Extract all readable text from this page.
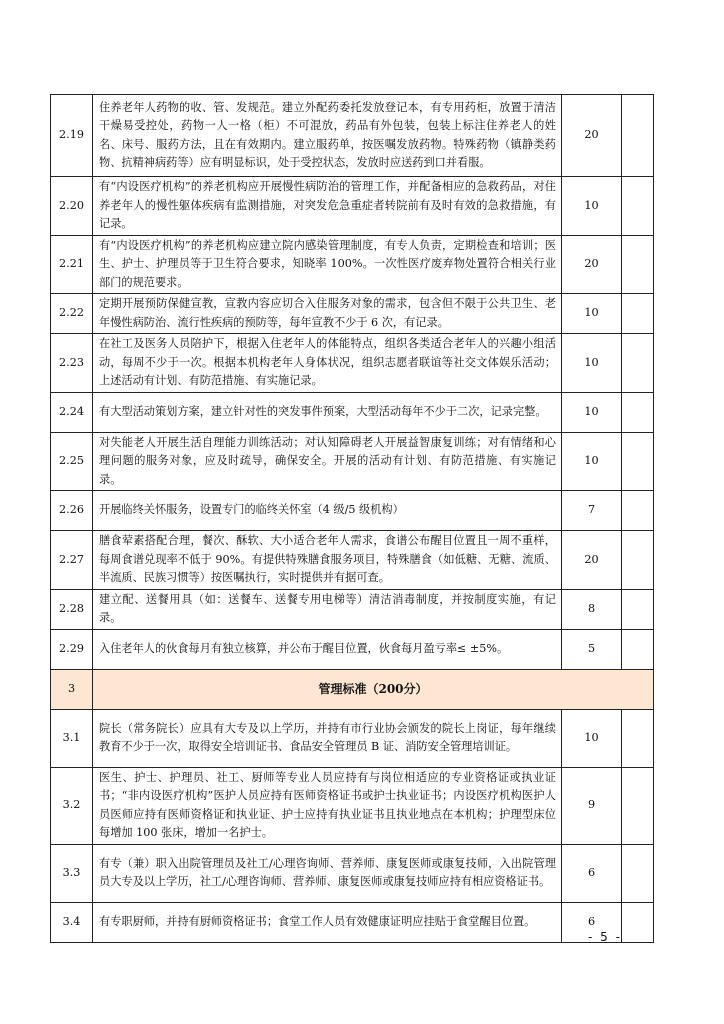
2.19	住养老年人药物的收、管、发规范。建立外配药委托发放登记本，有专用药柜，放置于清洁干燥易受控处，药物一人一格（柜）不可混放，药品有外包装，包装上标注住养老人的姓名、床号、服药方法，且在有效期内。建立服药单，按医嘱发放药物。特殊药物（镇静类药物、抗精神病药等）应有明显标识，处于受控状态，发放时应送药到口并看服。	20	
2.20	有“内设医疗机构”的养老机构应开展慢性病防治的管理工作，并配备相应的急救药品，对住养老年人的慢性躯体疾病有监测措施，对突发危急重症者转院前有及时有效的急救措施，有记录。	10	
2.21	有“内设医疗机构”的养老机构应建立院内感染管理制度，有专人负责，定期检查和培训；医生、护士、护理员等于卫生符合要求，知晓率 100%。一次性医疗废弃物处置符合相关行业部门的规范要求。	20	
2.22	定期开展预防保健宣教，宣教内容应切合入住服务对象的需求，包含但不限于公共卫生、老年慢性病防治、流行性疾病的预防等，每年宣教不少于 6 次，有记录。	10	
2.23	在社工及医务人员陪护下，根据入住老年人的体能特点，组织各类适合老年人的兴趣小组活动，每周不少于一次。根据本机构老年人身体状况，组织志愿者联谊等社交文体娱乐活动；上述活动有计划、有防范措施、有实施记录。	10	
2.24	有大型活动策划方案，建立针对性的突发事件预案，大型活动每年不少于二次，记录完整。	10	
2.25	对失能老人开展生活自理能力训练活动；对认知障碍老人开展益智康复训练；对有情绪和心理问题的服务对象，应及时疏导，确保安全。开展的活动有计划、有防范措施、有实施记录。	10	
2.26	开展临终关怀服务，设置专门的临终关怀室（4 级/5 级机构）	7	
2.27	膳食荤素搭配合理，餐次、酥软、大小适合老年人需求，食谱公布醒目位置且一周不重样，每周食谱兑现率不低于 90%。有提供特殊膳食服务项目，特殊膳食（如低糖、无糖、流质、半流质、民族习惯等）按医嘱执行，实时提供并有据可查。	20	
2.28	建立配、送餐用具（如：送餐车、送餐专用电梯等）清洁消毒制度，并按制度实施，有记录。	8	
2.29	入住老年人的伙食每月有独立核算，并公布于醒目位置，伙食每月盈亏率≤ ±5%。	5	
3	管理标准（200分）		
3.1	院长（常务院长）应具有大专及以上学历，并持有市行业协会颁发的院长上岗证，每年继续教育不少于一次，取得安全培训证书、食品安全管理员 B 证、消防安全管理培训证。	10	
3.2	医生、护士、护理员、社工、厨师等专业人员应持有与岗位相适应的专业资格证或执业证书；“非内设医疗机构”医护人员应持有医师资格证书或护士执业证书；内设医疗机构医护人员医师应持有医师资格证和执业证、护士应持有执业证书且执业地点在本机构；护理型床位每增加 100 张床，增加一名护士。	9	
3.3	有专（兼）职入出院管理员及社工/心理咨询师、营养师、康复医师或康复技师，入出院管理员大专及以上学历，社工/心理咨询师、营养师、康复医师或康复技师应持有相应资格证书。	6	
3.4	有专职厨师，并持有厨师资格证书；食堂工作人员有效健康证明应挂贴于食堂醒目位置。	6	
- 5 -
